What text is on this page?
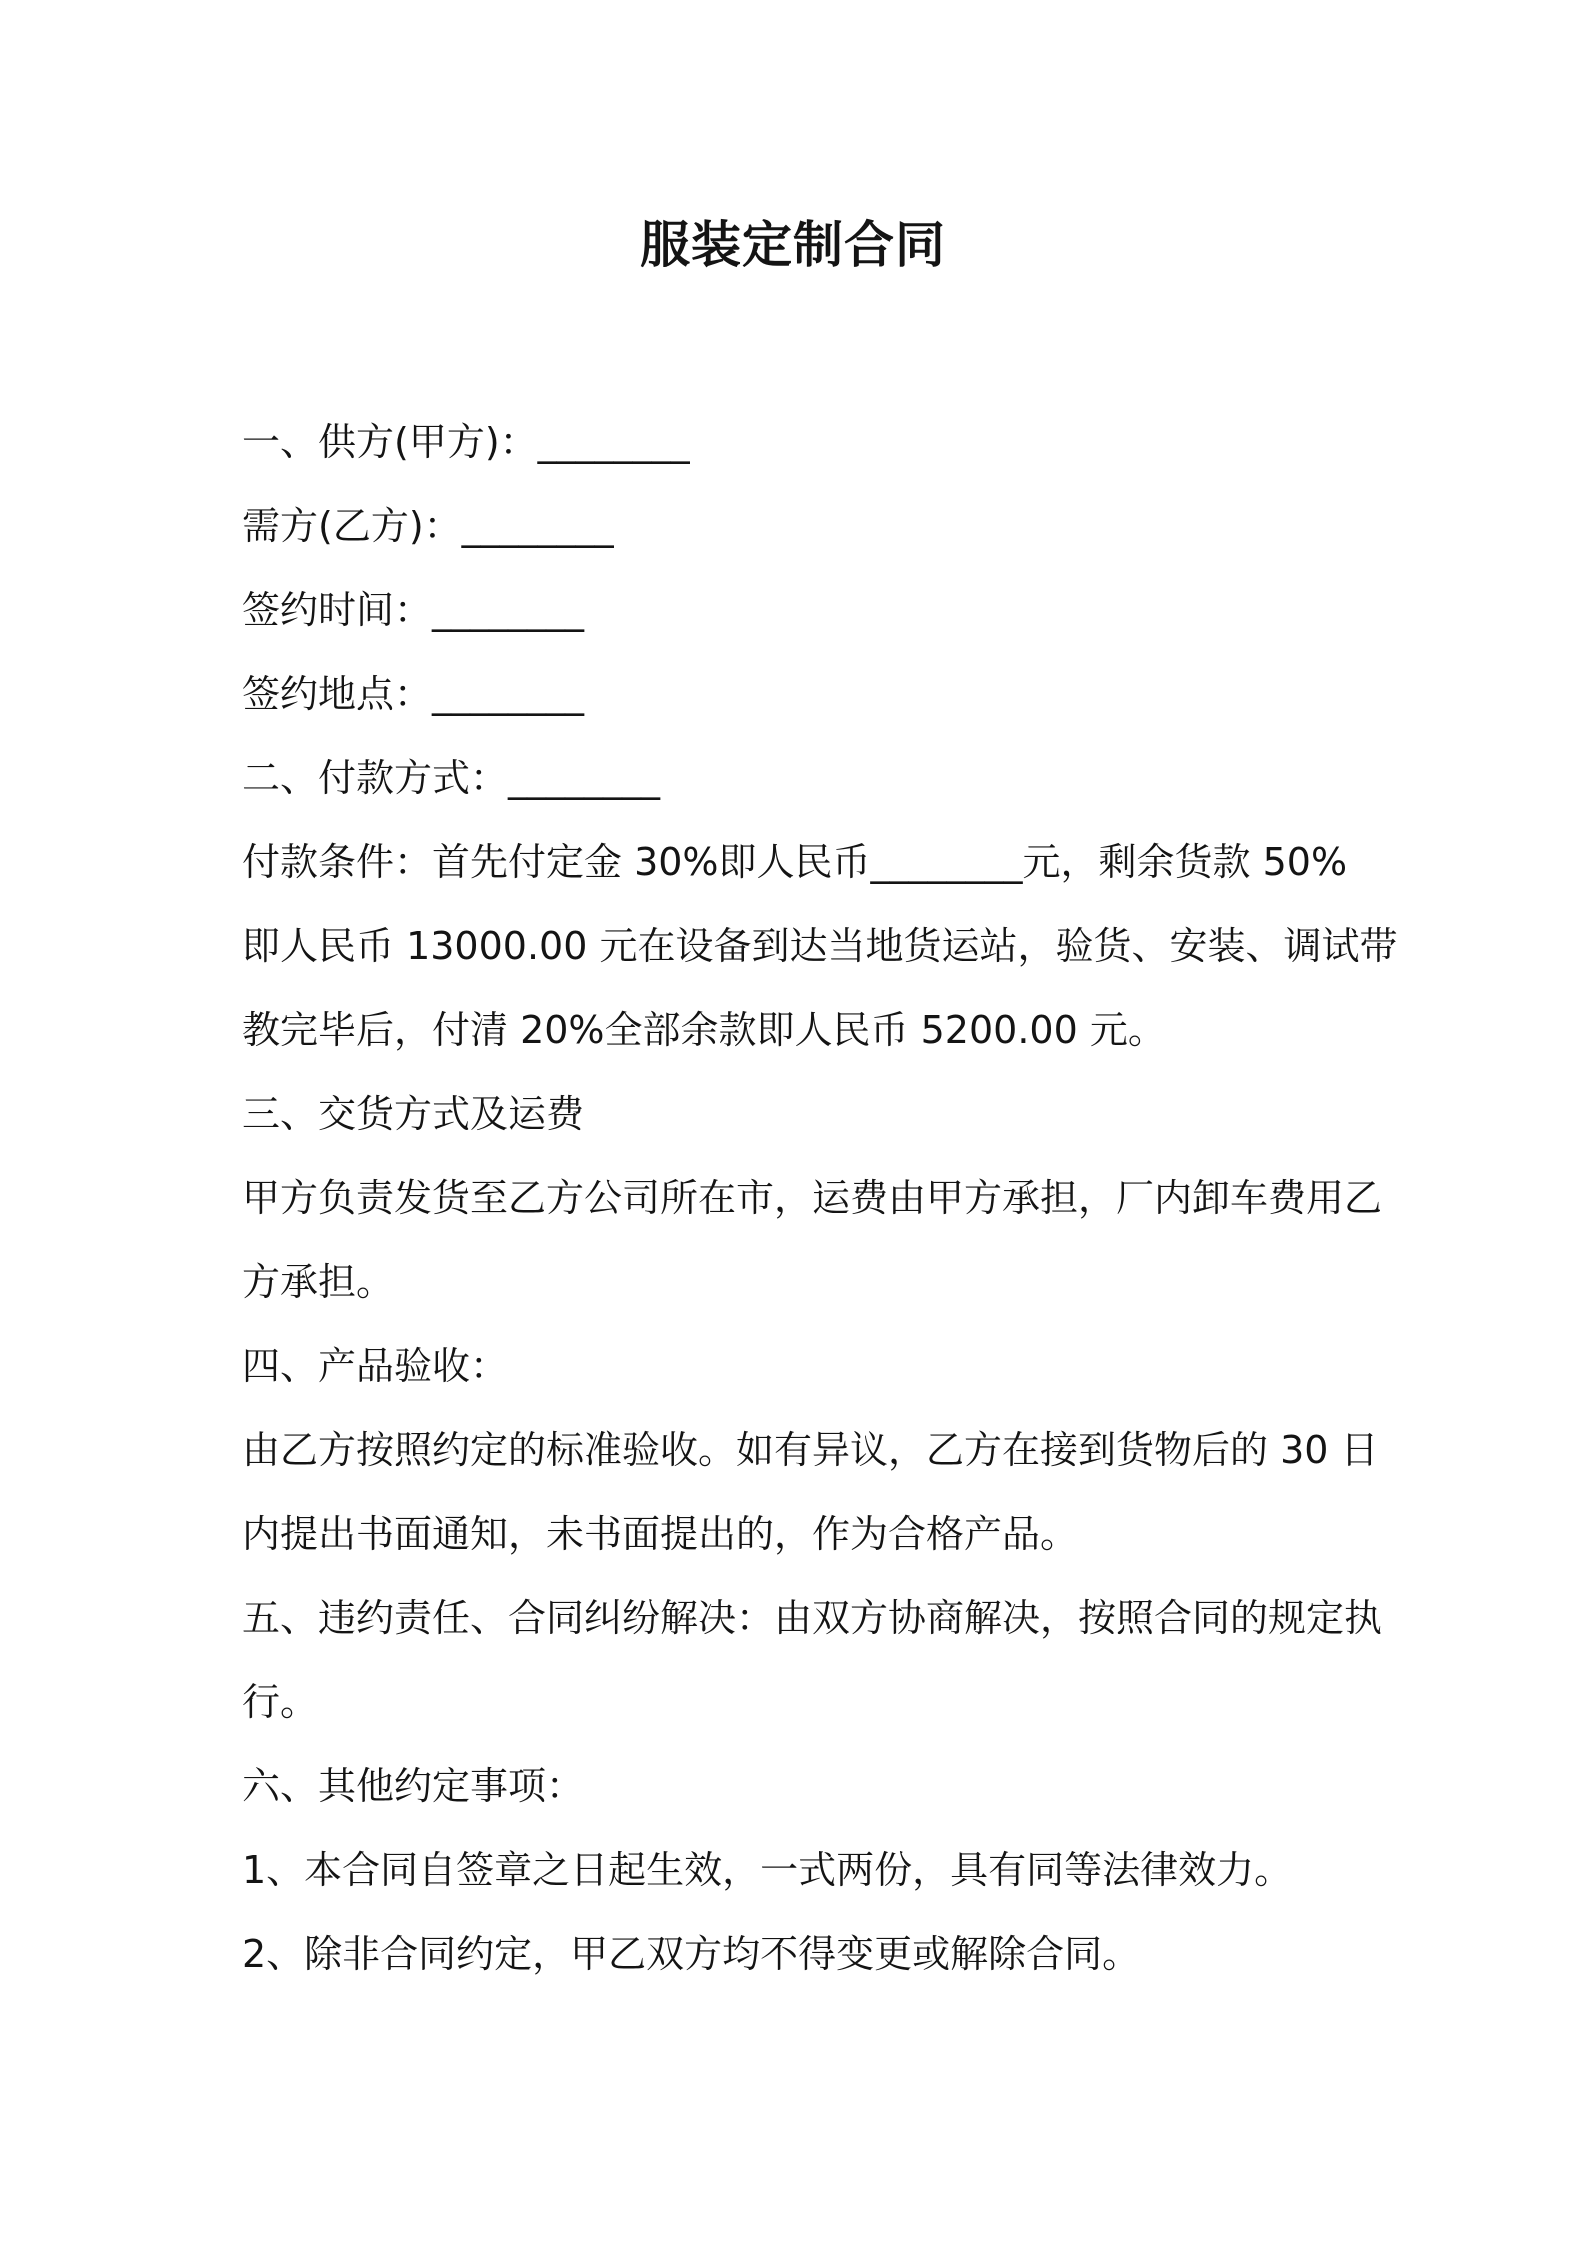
服装定制合同
一、供方(甲方)：________
需方(乙方)：________
签约时间：________
签约地点：________
二、付款方式：________
付款条件：首先付定金 30%即人民币________元，剩余货款 50%
即人民币 13000.00 元在设备到达当地货运站，验货、安装、调试带
教完毕后，付清 20%全部余款即人民币 5200.00 元。
三、交货方式及运费
甲方负责发货至乙方公司所在市，运费由甲方承担，厂内卸车费用乙
方承担。
四、产品验收：
由乙方按照约定的标准验收。如有异议，乙方在接到货物后的 30 日
内提出书面通知，未书面提出的，作为合格产品。
五、违约责任、合同纠纷解决：由双方协商解决，按照合同的规定执
行。
六、其他约定事项：
1、本合同自签章之日起生效，一式两份，具有同等法律效力。
2、除非合同约定，甲乙双方均不得变更或解除合同。
